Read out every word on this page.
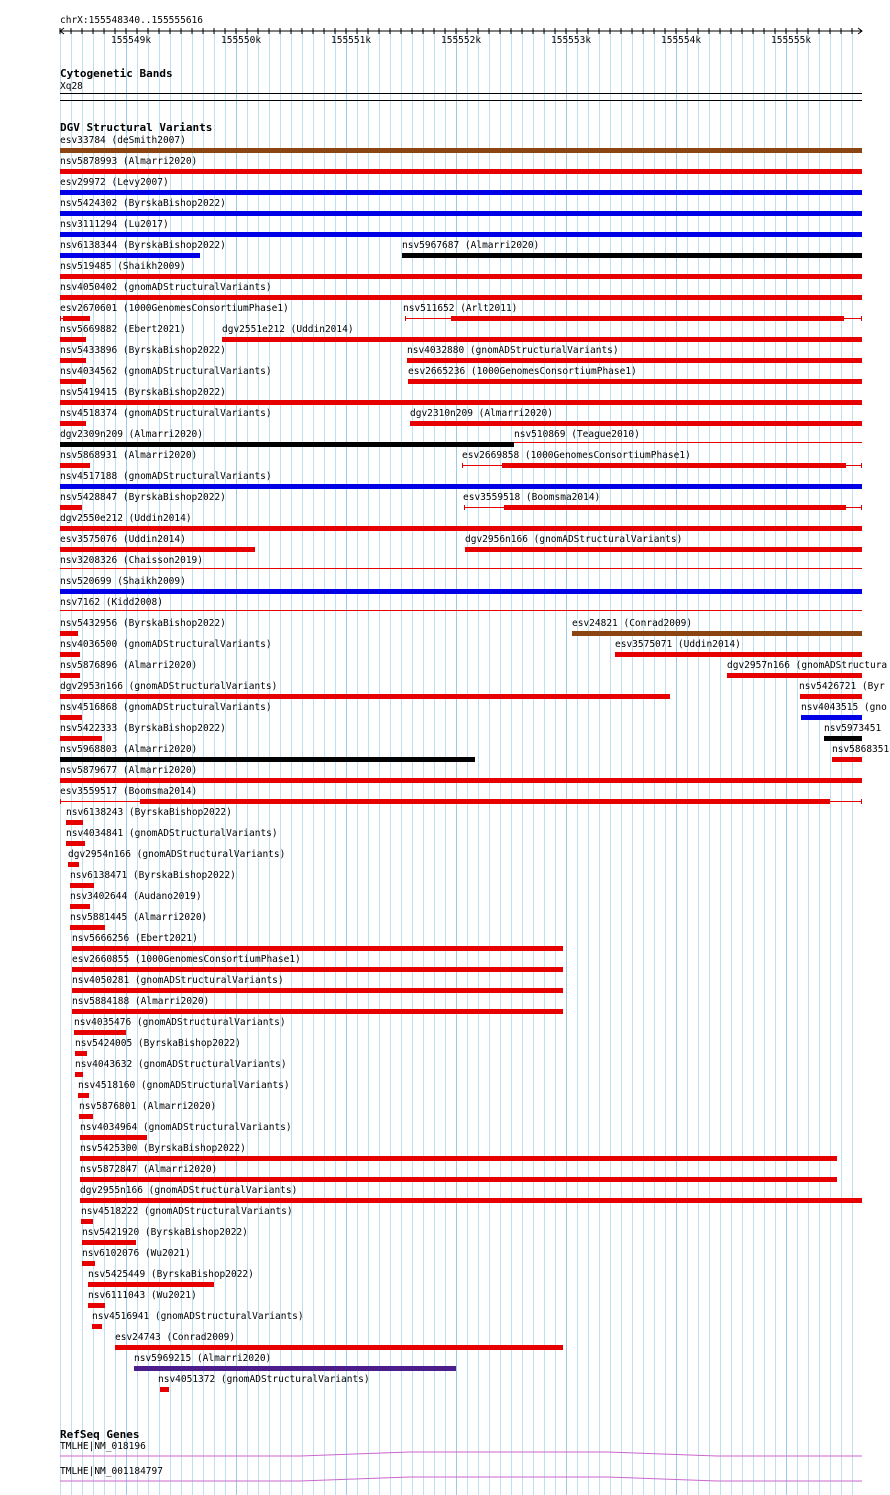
chrX:155548340..155555616
155549k	155550k	155551k	155552k	155553k	155554k	155555k
Cytogenetic Bands
Xq28
DGV Structural Variants
esv33784 (deSmith2007)
nsv5878993 (Almarri2020)
esv29972 (Levy2007)
nsv5424302 (ByrskaBishop2022)
nsv3111294 (Lu2017)
nsv6138344 (ByrskaBishop2022)	nsv5967687 (Almarri2020)
nsv519485 (Shaikh2009)
nsv4050402 (gnomADStructuralVariants)
esv2670601 (1000GenomesConsortiumPhase1)	nsv511652 (Arlt2011)
nsv5669882 (Ebert2021)	dgv2551e212 (Uddin2014)
nsv5433896 (ByrskaBishop2022)	nsv4032880 (gnomADStructuralVariants)
nsv4034562 (gnomADStructuralVariants)	esv2665236 (1000GenomesConsortiumPhase1)
nsv5419415 (ByrskaBishop2022)
nsv4518374 (gnomADStructuralVariants)	dgv2310n209 (Almarri2020)
dgv2309n209 (Almarri2020)	nsv510869 (Teague2010)
nsv5868931 (Almarri2020)	esv2669858 (1000GenomesConsortiumPhase1)
nsv4517188 (gnomADStructuralVariants)
nsv5428847 (ByrskaBishop2022)	esv3559518 (Boomsma2014)
dgv2550e212 (Uddin2014)
esv3575076 (Uddin2014)	dgv2956n166 (gnomADStructuralVariants)
nsv3208326 (Chaisson2019)
nsv520699 (Shaikh2009)
nsv7162 (Kidd2008)
nsv5432956 (ByrskaBishop2022)	esv24821 (Conrad2009)
nsv4036500 (gnomADStructuralVariants)	esv3575071 (Uddin2014)
nsv5876896 (Almarri2020)	dgv2957n166 (gnomADStructura
dgv2953n166 (gnomADStructuralVariants)	nsv5426721 (Byr
nsv4516868 (gnomADStructuralVariants)	nsv4043515 (gno
nsv5422333 (ByrskaBishop2022)	nsv5973451
nsv5968803 (Almarri2020)	nsv5868351
nsv5879677 (Almarri2020)
esv3559517 (Boomsma2014)
nsv6138243 (ByrskaBishop2022)
nsv4034841 (gnomADStructuralVariants)
dgv2954n166 (gnomADStructuralVariants)
nsv6138471 (ByrskaBishop2022)
nsv3402644 (Audano2019)
nsv5881445 (Almarri2020)
nsv5666256 (Ebert2021)
esv2660855 (1000GenomesConsortiumPhase1)
nsv4050281 (gnomADStructuralVariants)
nsv5884188 (Almarri2020)
nsv4035476 (gnomADStructuralVariants)
nsv5424005 (ByrskaBishop2022)
nsv4043632 (gnomADStructuralVariants)
nsv4518160 (gnomADStructuralVariants)
nsv5876801 (Almarri2020)
nsv4034964 (gnomADStructuralVariants)
nsv5425300 (ByrskaBishop2022)
nsv5872847 (Almarri2020)
dgv2955n166 (gnomADStructuralVariants)
nsv4518222 (gnomADStructuralVariants)
nsv5421920 (ByrskaBishop2022)
nsv6102076 (Wu2021)
nsv5425449 (ByrskaBishop2022)
nsv6111043 (Wu2021)
nsv4516941 (gnomADStructuralVariants)
esv24743 (Conrad2009)
nsv5969215 (Almarri2020)
nsv4051372 (gnomADStructuralVariants)
RefSeq Genes
TMLHE|NM_018196
TMLHE|NM_001184797
